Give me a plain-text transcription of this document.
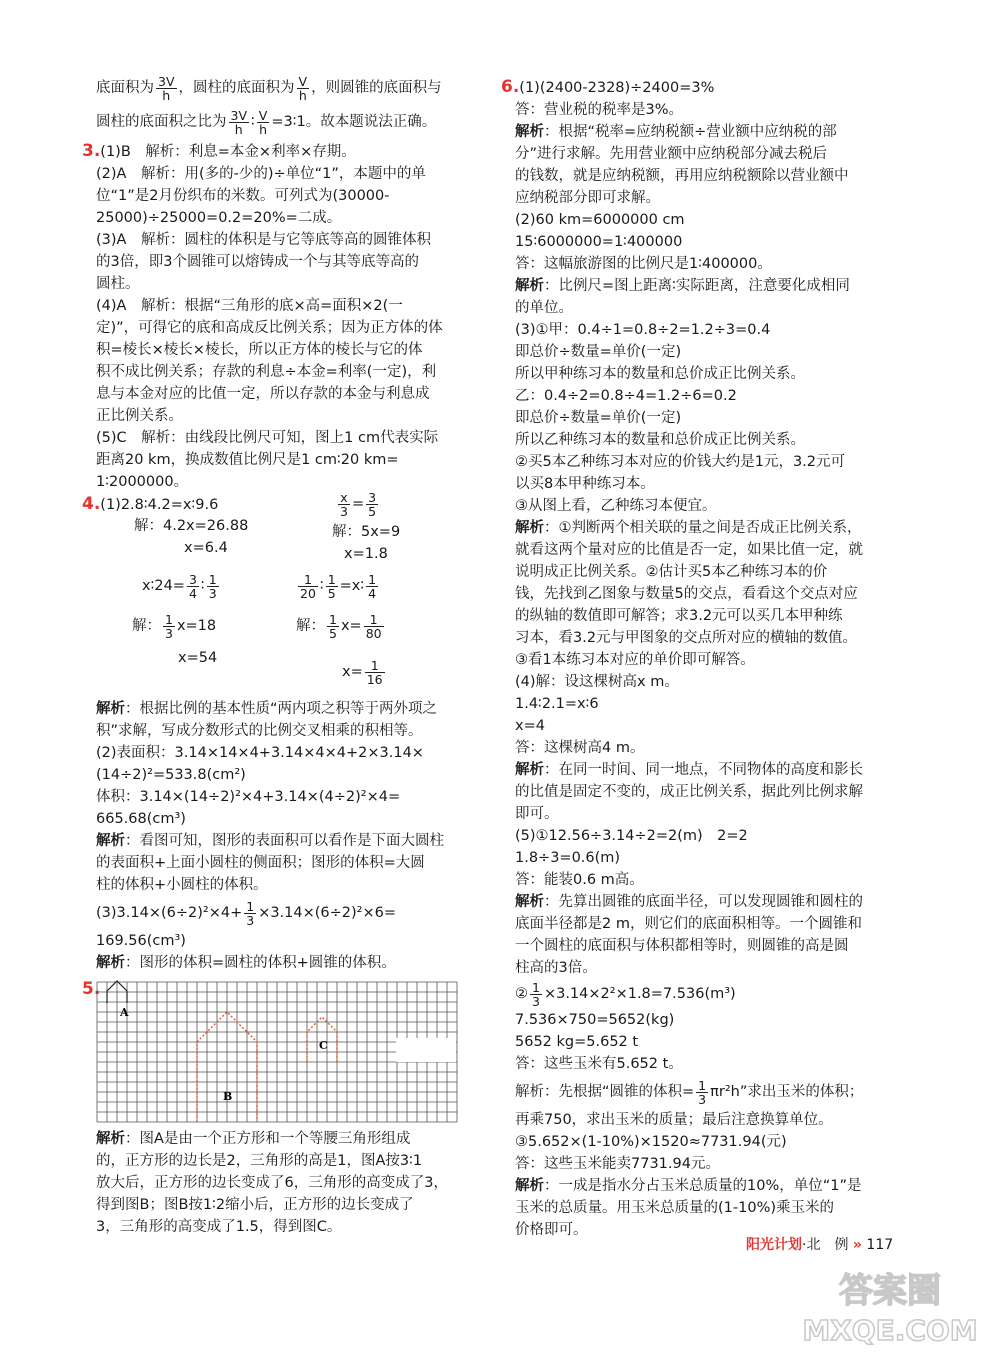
底面积为 $\frac{3V}{h}$ ，圆柱的底面积为 $\frac{V}{h}$ ，则圆锥的底面积与
圆柱的底面积之比为 $\frac{3V}{h}$ ∶ $\frac{V}{h}$ =3∶1。故本题说法正确。
3.(1)B　解析：利息=本金×利率×存期。
(2)A　解析：用(多的-少的)÷单位“1”，本题中的单
位“1”是2月份织布的米数。可列式为(30000-
25000)÷25000=0.2=20%=二成。
(3)A　解析：圆柱的体积是与它等底等高的圆锥体积
的3倍，即3个圆锥可以熔铸成一个与其等底等高的
圆柱。
(4)A　解析：根据“三角形的底×高=面积×2(一
定)”，可得它的底和高成反比例关系；因为正方体的体
积=棱长×棱长×棱长，所以正方体的棱长与它的体
积不成比例关系；存款的利息÷本金=利率(一定)，利
息与本金对应的比值一定，所以存款的本金与利息成
正比例关系。
(5)C　解析：由线段比例尺可知，图上1 cm代表实际
距离20 km，换成数值比例尺是1 cm∶20 km=
1∶2000000。
4.(1)2.8∶4.2=x∶9.6
解：4.2x=26.88
x=6.4
$\frac{x}{3} = \frac{3}{5}$
解：5x=9
x=1.8
x∶24= $\frac{3}{4}$ ∶ $\frac{1}{3}$	$\frac{1}{20}$ ∶ $\frac{1}{5}$ =x∶ $\frac{1}{4}$
解： $\frac{1}{3} x=18$	解： $\frac{1}{5} x= \frac{1}{80}$
x=54
$x= \frac{1}{16}$
解析：根据比例的基本性质“两内项之积等于两外项之
积”求解，写成分数形式的比例交叉相乘的积相等。
(2)表面积：3.14×14×4+3.14×4×4+2×3.14×
(14÷2)²=533.8(cm²)
体积：3.14×(14÷2)²×4+3.14×(4÷2)²×4=
665.68(cm³)
解析：看图可知，图形的表面积可以看作是下面大圆柱
的表面积+上面小圆柱的侧面积；图形的体积=大圆
柱的体积+小圆柱的体积。
$(3)3.14\times(6\div 2)^2\times 4+ \frac{1}{3} \times 3.14\times(6\div 2)^2\times 6=$
169.56(cm³)
解析：图形的体积=圆柱的体积+圆锥的体积。
5.
A
B
C
解析：图A是由一个正方形和一个等腰三角形组成
的，正方形的边长是2，三角形的高是1，图A按3∶1
放大后，正方形的边长变成了6，三角形的高变成了3，
得到图B；图B按1∶2缩小后，正方形的边长变成了
3，三角形的高变成了1.5，得到图C。
6.(1)(2400-2328)÷2400=3%
答：营业税的税率是3%。
解析：根据“税率=应纳税额÷营业额中应纳税的部
分”进行求解。先用营业额中应纳税部分减去税后
的钱数，就是应纳税额，再用应纳税额除以营业额中
应纳税部分即可求解。
(2)60 km=6000000 cm
15∶6000000=1∶400000
答：这幅旅游图的比例尺是1∶400000。
解析：比例尺=图上距离∶实际距离，注意要化成相同
的单位。
(3)①甲：0.4÷1=0.8÷2=1.2÷3=0.4
即总价÷数量=单价(一定)
所以甲种练习本的数量和总价成正比例关系。
乙：0.4÷2=0.8÷4=1.2÷6=0.2
即总价÷数量=单价(一定)
所以乙种练习本的数量和总价成正比例关系。
②买5本乙种练习本对应的价钱大约是1元，3.2元可
以买8本甲种练习本。
③从图上看，乙种练习本便宜。
解析：①判断两个相关联的量之间是否成正比例关系，
就看这两个量对应的比值是否一定，如果比值一定，就
说明成正比例关系。②估计买5本乙种练习本的价
钱，先找到乙图象与数量5的交点，看看这个交点对应
的纵轴的数值即可解答；求3.2元可以买几本甲种练
习本，看3.2元与甲图象的交点所对应的横轴的数值。
③看1本练习本对应的单价即可解答。
(4)解：设这棵树高x m。
1.4∶2.1=x∶6
x=4
答：这棵树高4 m。
解析：在同一时间、同一地点，不同物体的高度和影长
的比值是固定不变的，成正比例关系，据此列比例求解
即可。
(5)①12.56÷3.14÷2=2(m)　2=2
1.8÷3=0.6(m)
答：能装0.6 m高。
解析：先算出圆锥的底面半径，可以发现圆锥和圆柱的
底面半径都是2 m，则它们的底面积相等。一个圆锥和
一个圆柱的底面积与体积都相等时，则圆锥的高是圆
柱高的3倍。
② $\frac{1}{3} \times 3.14\times 2^2\times 1.8=7.536(m^3)$
7.536×750=5652(kg)
5652 kg=5.652 t
答：这些玉米有5.652 t。
解析：先根据“圆锥的体积= $\frac{1}{3} \pi r^2h$”求出玉米的体积；
再乘750，求出玉米的质量；最后注意换算单位。
③5.652×(1-10%)×1520≈7731.94(元)
答：这些玉米能卖7731.94元。
解析：一成是指水分占玉米总质量的10%，单位“1”是
玉米的总质量。用玉米总质量的(1-10%)乘玉米的
价格即可。
阳光计划·北　例 » 117
答案圈
MXQE.COM
